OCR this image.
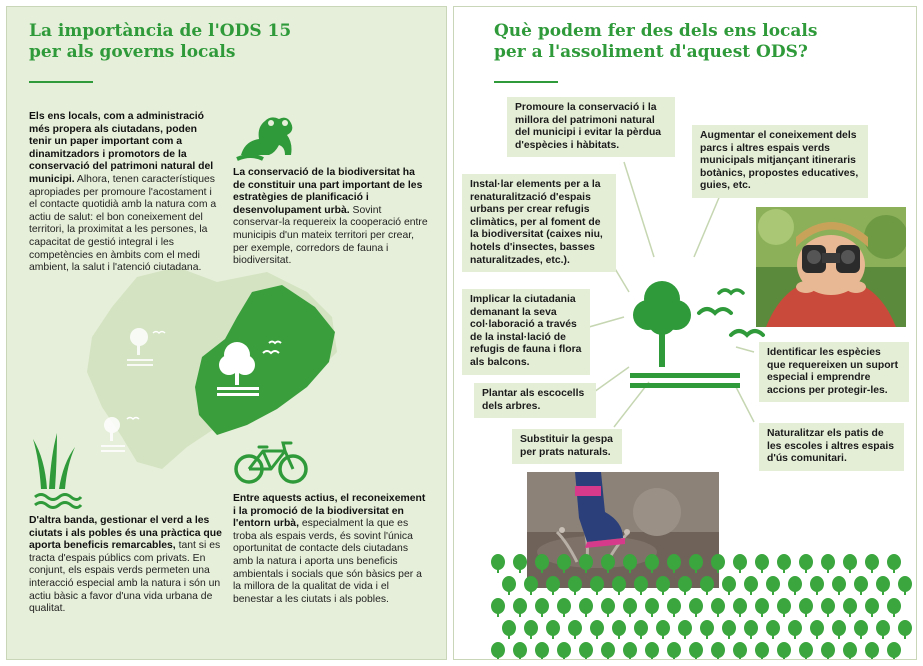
La importància de l'ODS 15
per als governs locals
Els ens locals, com a administració més propera als ciutadans, poden tenir un paper important com a dinamitzadors i promotors de la conservació del patrimoni natural del municipi. Alhora, tenen característiques apropiades per promoure l'acostament i el contacte quotidià amb la natura com a actiu de salut: el bon coneixement del territori, la proximitat a les persones, la capacitat de gestió integral i les competències en àmbits com el medi ambient, la salut i l'atenció ciutadana.
La conservació de la biodiversitat ha de constituir una part important de les estratègies de planificació i desenvolupament urbà. Sovint conservar-la requereix la cooperació entre municipis d'un mateix territori per crear, per exemple, corredors de fauna i biodiversitat.
D'altra banda, gestionar el verd a les ciutats i als pobles és una pràctica que aporta beneficis remarcables, tant si es tracta d'espais públics com privats. En conjunt, els espais verds permeten una interacció especial amb la natura i són un actiu bàsic a favor d'una vida urbana de qualitat.
Entre aquests actius, el reconeixement i la promoció de la biodiversitat en l'entorn urbà, especialment la que es troba als espais verds, és sovint l'única oportunitat de contacte dels ciutadans amb la natura i aporta uns beneficis ambientals i socials que són bàsics per a la millora de la qualitat de vida i el benestar a les ciutats i als pobles.
Què podem fer des dels ens locals
per a l'assoliment d'aquest ODS?
Promoure la conservació i la millora del patrimoni natural del municipi i evitar la pèrdua d'espècies i hàbitats.
Augmentar el coneixement dels parcs i altres espais verds municipals mitjançant itineraris botànics, propostes educatives, guies, etc.
Instal·lar elements per a la renaturalització d'espais urbans per crear refugis climàtics, per al foment de la biodiversitat (caixes niu, hotels d'insectes, basses naturalitzades, etc.).
Implicar la ciutadania demanant la seva col·laboració a través de la instal·lació de refugis de fauna i flora als balcons.
Identificar les espècies que requereixen un suport especial i emprendre accions per protegir-les.
Plantar als escocells dels arbres.
Substituir la gespa per prats naturals.
Naturalitzar els patis de les escoles i altres espais d'ús comunitari.
